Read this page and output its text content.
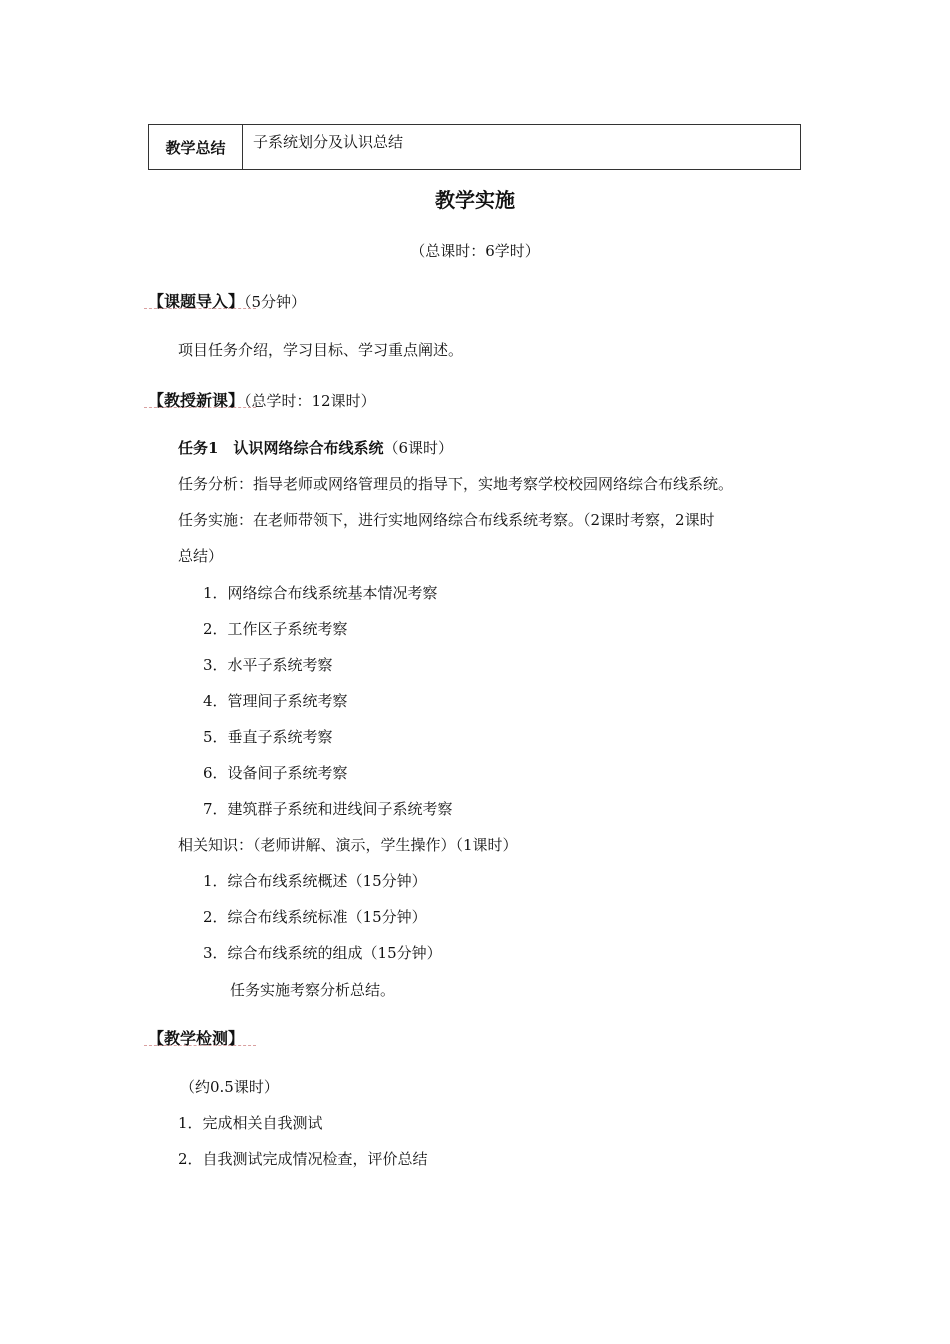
教学总结	子系统划分及认识总结
教学实施
（总课时：6学时）
【课题导入】（5分钟）
项目任务介绍，学习目标、学习重点阐述。
【教授新课】（总学时：12课时）
任务1　认识网络综合布线系统（6课时）
任务分析：指导老师或网络管理员的指导下，实地考察学校校园网络综合布线系统。
任务实施：在老师带领下，进行实地网络综合布线系统考察。（2课时考察，2课时
总结）
1．网络综合布线系统基本情况考察
2．工作区子系统考察
3．水平子系统考察
4．管理间子系统考察
5．垂直子系统考察
6．设备间子系统考察
7．建筑群子系统和进线间子系统考察
相关知识：（老师讲解、演示，学生操作）（1课时）
1．综合布线系统概述（15分钟）
2．综合布线系统标准（15分钟）
3．综合布线系统的组成（15分钟）
任务实施考察分析总结。
【教学检测】
（约0.5课时）
1．完成相关自我测试
2．自我测试完成情况检查，评价总结
